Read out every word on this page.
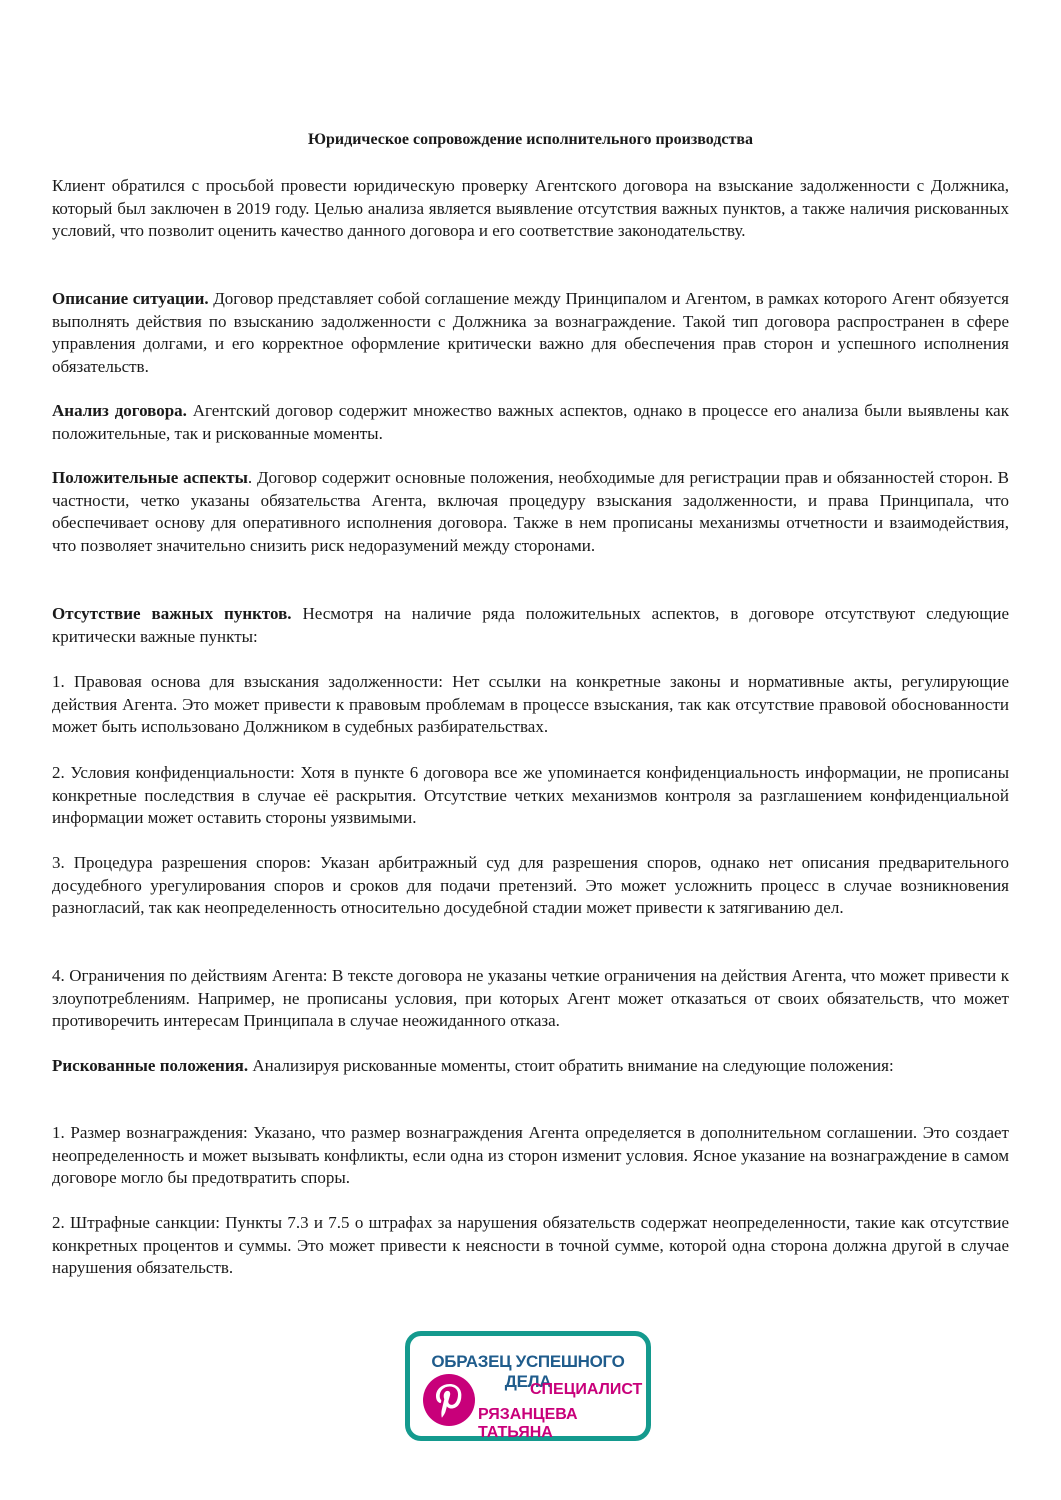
Юридическое сопровождение исполнительного производства

Клиент обратился с просьбой провести юридическую проверку Агентского договора на взыскание задолженности с Должника, который был заключен в 2019 году. Целью анализа является выявление отсутствия важных пунктов, а также наличия рискованных условий, что позволит оценить качество данного договора и его соответствие законодательству.

Описание ситуации. Договор представляет собой соглашение между Принципалом и Агентом, в рамках которого Агент обязуется выполнять действия по взысканию задолженности с Должника за вознаграждение. Такой тип договора распространен в сфере управления долгами, и его корректное оформление критически важно для обеспечения прав сторон и успешного исполнения обязательств.

Анализ договора. Агентский договор содержит множество важных аспектов, однако в процессе его анализа были выявлены как положительные, так и рискованные моменты.

Положительные аспекты. Договор содержит основные положения, необходимые для регистрации прав и обязанностей сторон. В частности, четко указаны обязательства Агента, включая процедуру взыскания задолженности, и права Принципала, что обеспечивает основу для оперативного исполнения договора. Также в нем прописаны механизмы отчетности и взаимодействия, что позволяет значительно снизить риск недоразумений между сторонами.

Отсутствие важных пунктов. Несмотря на наличие ряда положительных аспектов, в договоре отсутствуют следующие критически важные пункты:

1. Правовая основа для взыскания задолженности: Нет ссылки на конкретные законы и нормативные акты, регулирующие действия Агента. Это может привести к правовым проблемам в процессе взыскания, так как отсутствие правовой обоснованности может быть использовано Должником в судебных разбирательствах.

2. Условия конфиденциальности: Хотя в пункте 6 договора все же упоминается конфиденциальность информации, не прописаны конкретные последствия в случае её раскрытия. Отсутствие четких механизмов контроля за разглашением конфиденциальной информации может оставить стороны уязвимыми.

3. Процедура разрешения споров: Указан арбитражный суд для разрешения споров, однако нет описания предварительного досудебного урегулирования споров и сроков для подачи претензий. Это может усложнить процесс в случае возникновения разногласий, так как неопределенность относительно досудебной стадии может привести к затягиванию дел.

4. Ограничения по действиям Агента: В тексте договора не указаны четкие ограничения на действия Агента, что может привести к злоупотреблениям. Например, не прописаны условия, при которых Агент может отказаться от своих обязательств, что может противоречить интересам Принципала в случае неожиданного отказа.

Рискованные положения. Анализируя рискованные моменты, стоит обратить внимание на следующие положения:

1. Размер вознаграждения: Указано, что размер вознаграждения Агента определяется в дополнительном соглашении. Это создает неопределенность и может вызывать конфликты, если одна из сторон изменит условия. Ясное указание на вознаграждение в самом договоре могло бы предотвратить споры.

2. Штрафные санкции: Пункты 7.3 и 7.5 о штрафах за нарушения обязательств содержат неопределенности, такие как отсутствие конкретных процентов и суммы. Это может привести к неясности в точной сумме, которой одна сторона должна другой в случае нарушения обязательств.

ОБРАЗЕЦ УСПЕШНОГО ДЕЛА
СПЕЦИАЛИСТ
РЯЗАНЦЕВА ТАТЬЯНА
